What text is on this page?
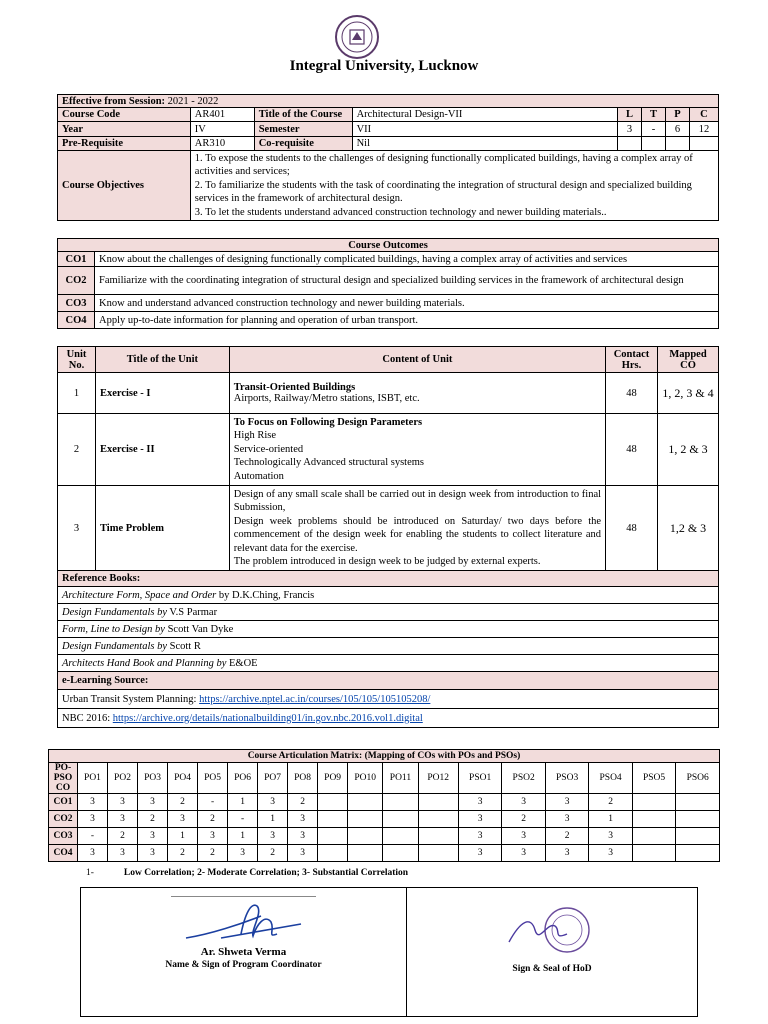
Integral University, Lucknow
Effective from Session: 2021 - 2022							
Course Code	AR401	Title of the Course	Architectural Design-VII	L	T	P	C
Year	IV	Semester	VII	3	-	6	12
Pre-Requisite	AR310	Co-requisite	Nil				
Course Objectives	1. To expose the students to the challenges of designing functionally complicated buildings, having a complex array of activities and services;
2. To familiarize the students with the task of coordinating the integration of structural design and specialized building services in the framework of architectural design.
3. To let the students understand advanced construction technology and newer building materials..						
Course Outcomes	
CO1	Know about the challenges of designing functionally complicated buildings, having a complex array of activities and services
CO2	Familiarize with the coordinating integration of structural design and specialized building services in the framework of architectural design
CO3	Know and understand advanced construction technology and newer building materials.
CO4	Apply up-to-date information for planning and operation of urban transport.
Unit No.	Title of the Unit	Content of Unit	Contact Hrs.	Mapped CO
1	Exercise - I	Transit-Oriented Buildings
Airports, Railway/Metro stations, ISBT, etc.	48	1, 2, 3 & 4
2	Exercise - II	To Focus on Following Design Parameters
High Rise
Service-oriented
Technologically Advanced structural systems
Automation	48	1, 2 & 3
3	Time Problem	Design of any small scale shall be carried out in design week from introduction to final Submission,
Design week problems should be introduced on Saturday/ two days before the commencement of the design week for enabling the students to collect literature and relevant data for the exercise.
The problem introduced in design week to be judged by external experts.	48	1,2 & 3
Reference Books:				
Architecture Form, Space and Order by D.K.Ching, Francis				
Design Fundamentals by V.S Parmar				
Form, Line to Design by Scott Van Dyke				
Design Fundamentals by Scott R				
Architects Hand Book and Planning by E&OE				
e-Learning Source:				
Urban Transit System Planning: https://archive.nptel.ac.in/courses/105/105/105105208/				
NBC 2016: https://archive.org/details/nationalbuilding01/in.gov.nbc.2016.vol1.digital				
Course Articulation Matrix: (Mapping of COs with POs and PSOs)																		

PO-PSO
CO	PO1	PO2	PO3	PO4	PO5	PO6	PO7	PO8	PO9	PO10	PO11	PO12	PSO1	PSO2	PSO3	PSO4	PSO5	PSO6
CO1	3	3	3	2	-	1	3	2					3	3	3	2		
CO2	3	3	2	3	2	-	1	3					3	2	3	1		
CO3	-	2	3	1	3	1	3	3					3	3	2	3		
CO4	3	3	3	2	2	3	2	3					3	3	3	3		
1-	Low Correlation; 2- Moderate Correlation; 3- Substantial Correlation
Ar. Shweta Verma
Name & Sign of Program Coordinator	Sign & Seal of HoD
